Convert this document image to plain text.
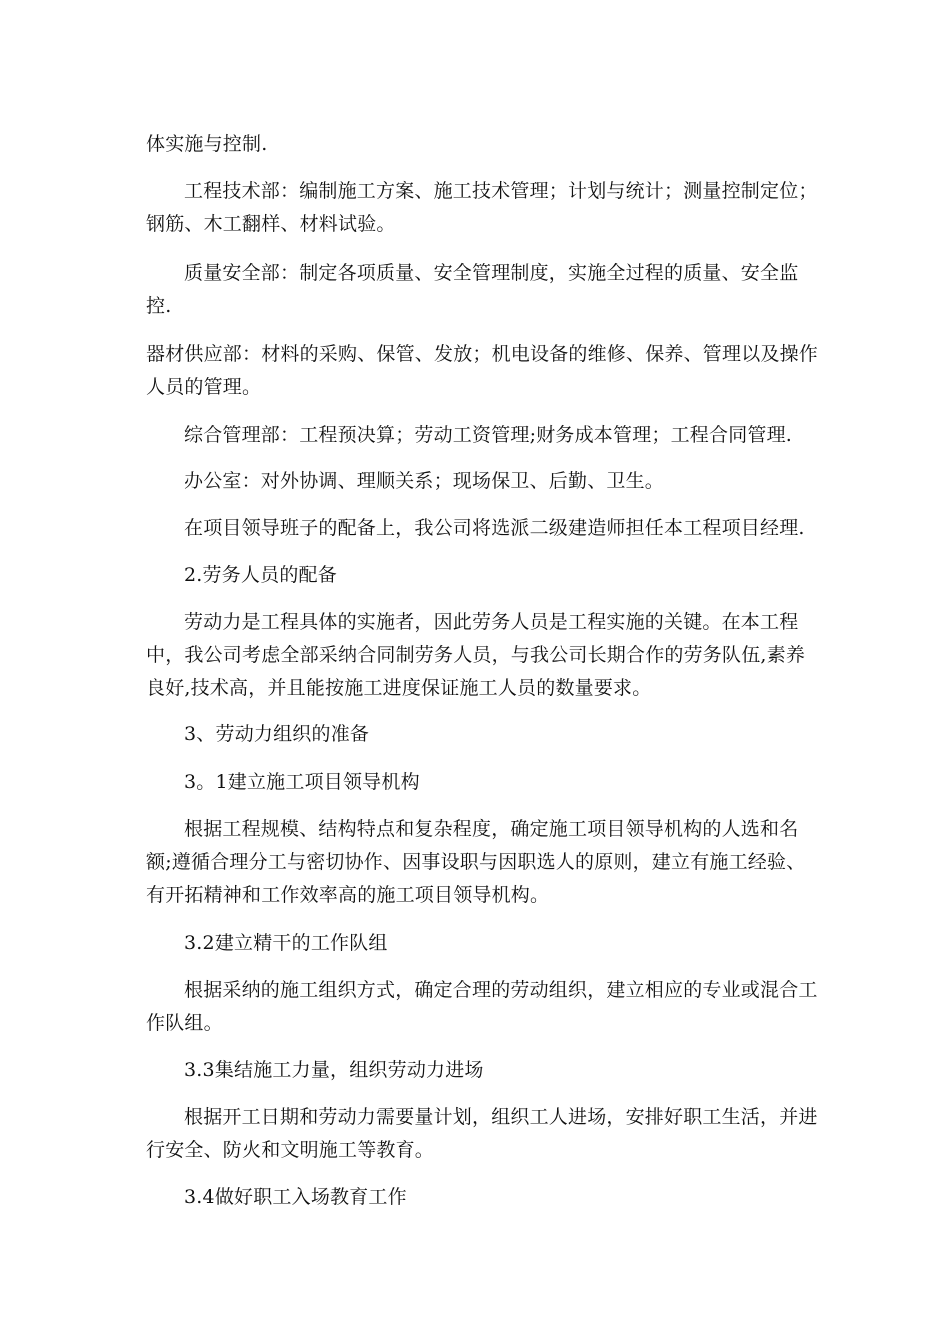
体实施与控制.

工程技术部：编制施工方案、施工技术管理；计划与统计；测量控制定位；钢筋、木工翻样、材料试验。

质量安全部：制定各项质量、安全管理制度，实施全过程的质量、安全监控.

器材供应部：材料的采购、保管、发放；机电设备的维修、保养、管理以及操作人员的管理。

综合管理部：工程预决算；劳动工资管理;财务成本管理；工程合同管理.

办公室：对外协调、理顺关系；现场保卫、后勤、卫生。

在项目领导班子的配备上，我公司将选派二级建造师担任本工程项目经理.

2.劳务人员的配备

劳动力是工程具体的实施者，因此劳务人员是工程实施的关键。在本工程中，我公司考虑全部采纳合同制劳务人员，与我公司长期合作的劳务队伍,素养良好,技术高，并且能按施工进度保证施工人员的数量要求。

3、劳动力组织的准备

3。1建立施工项目领导机构

根据工程规模、结构特点和复杂程度，确定施工项目领导机构的人选和名额;遵循合理分工与密切协作、因事设职与因职选人的原则，建立有施工经验、有开拓精神和工作效率高的施工项目领导机构。

3.2建立精干的工作队组

根据采纳的施工组织方式，确定合理的劳动组织，建立相应的专业或混合工作队组。

3.3集结施工力量，组织劳动力进场

根据开工日期和劳动力需要量计划，组织工人进场，安排好职工生活，并进行安全、防火和文明施工等教育。

3.4做好职工入场教育工作
